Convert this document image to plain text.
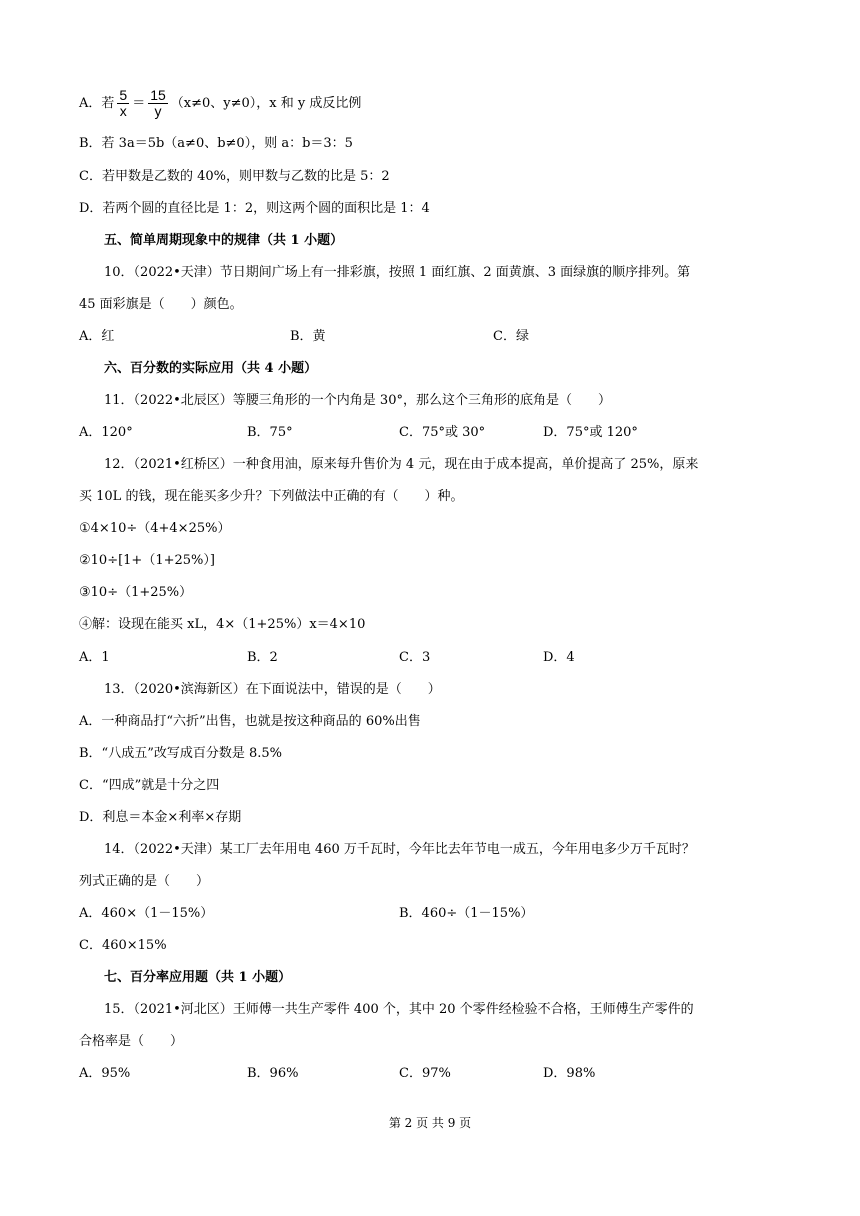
A．若 $\frac{5}{x} = \frac{15}{y} (x\ne 0$、y≠0），x 和 y 成反比例
B．若 3a＝5b（a≠0、b≠0），则 a：b＝3：5
C．若甲数是乙数的 40%，则甲数与乙数的比是 5：2
D．若两个圆的直径比是 1：2，则这两个圆的面积比是 1：4
五、简单周期现象中的规律（共 1 小题）
10．（2022•天津）节日期间广场上有一排彩旗，按照 1 面红旗、2 面黄旗、3 面绿旗的顺序排列。第
45 面彩旗是（　　）颜色。
A．红	B．黄	C．绿
六、百分数的实际应用（共 4 小题）
11．（2022•北辰区）等腰三角形的一个内角是 30°，那么这个三角形的底角是（　　）
A．120°	B．75°	C．75°或 30°	D．75°或 120°
12．（2021•红桥区）一种食用油，原来每升售价为 4 元，现在由于成本提高，单价提高了 25%，原来
买 10L 的钱，现在能买多少升？下列做法中正确的有（　　）种。
①4×10÷（4+4×25%）
②10÷[1+（1+25%）]
③10÷（1+25%）
④解：设现在能买 xL，4×（1+25%）x＝4×10
A．1	B．2	C．3	D．4
13．（2020•滨海新区）在下面说法中，错误的是（　　）
A．一种商品打“六折”出售，也就是按这种商品的 60%出售
B．“八成五”改写成百分数是 8.5%
C．“四成”就是十分之四
D．利息＝本金×利率×存期
14．（2022•天津）某工厂去年用电 460 万千瓦时，今年比去年节电一成五，今年用电多少万千瓦时？
列式正确的是（　　）
A．460×（1－15%）	B．460÷（1－15%）
C．460×15%
七、百分率应用题（共 1 小题）
15．（2021•河北区）王师傅一共生产零件 400 个，其中 20 个零件经检验不合格，王师傅生产零件的
合格率是（　　）
A．95%	B．96%	C．97%	D．98%
第 2 页 共 9 页
